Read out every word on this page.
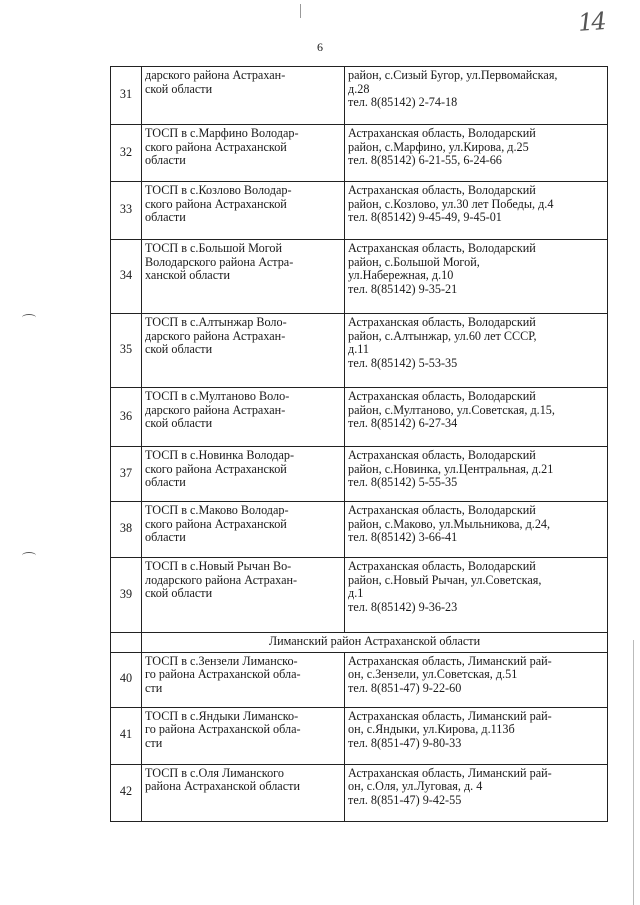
6
14
31	дарского района Астрахан-
ской области	район, с.Сизый Бугор, ул.Первомайская,
д.28
тел. 8(85142) 2-74-18

32	ТОСП в с.Марфино Володар-
ского района Астраханской
области	Астраханская область, Володарский
район, с.Марфино, ул.Кирова, д.25
тел. 8(85142) 6-21-55, 6-24-66

33	ТОСП в с.Козлово Володар-
ского района Астраханской
области	Астраханская область, Володарский
район, с.Козлово, ул.30 лет Победы, д.4
тел. 8(85142) 9-45-49, 9-45-01

34	ТОСП в с.Большой Могой
Володарского района Астра-
ханской области	Астраханская область, Володарский
район, с.Большой Могой,
ул.Набережная, д.10
тел. 8(85142) 9-35-21

35	ТОСП в с.Алтынжар Воло-
дарского района Астрахан-
ской области	Астраханская область, Володарский
район, с.Алтынжар, ул.60 лет СССР,
д.11
тел. 8(85142) 5-53-35

36	ТОСП в с.Мултаново Воло-
дарского района Астрахан-
ской области	Астраханская область, Володарский
район, с.Мултаново, ул.Советская, д.15,
тел. 8(85142) 6-27-34

37	ТОСП в с.Новинка Володар-
ского района Астраханской
области	Астраханская область, Володарский
район, с.Новинка, ул.Центральная, д.21
тел. 8(85142) 5-55-35

38	ТОСП в с.Маково Володар-
ского района Астраханской
области	Астраханская область, Володарский
район, с.Маково, ул.Мыльникова, д.24,
тел. 8(85142) 3-66-41

39	ТОСП в с.Новый Рычан Во-
лодарского района Астрахан-
ской области	Астраханская область, Володарский
район, с.Новый Рычан, ул.Советская,
д.1
тел. 8(85142) 9-36-23

	Лиманский район Астраханской области	
40	ТОСП в с.Зензели Лиманско-
го района Астраханской обла-
сти	Астраханская область, Лиманский рай-
он, с.Зензели, ул.Советская, д.51
тел. 8(851-47) 9-22-60

41	ТОСП в с.Яндыки Лиманско-
го района Астраханской обла-
сти	Астраханская область, Лиманский рай-
он, с.Яндыки, ул.Кирова, д.113б
тел. 8(851-47) 9-80-33

42	ТОСП в с.Оля Лиманского
района Астраханской области	Астраханская область, Лиманский рай-
он, с.Оля, ул.Луговая, д. 4
тел. 8(851-47) 9-42-55
